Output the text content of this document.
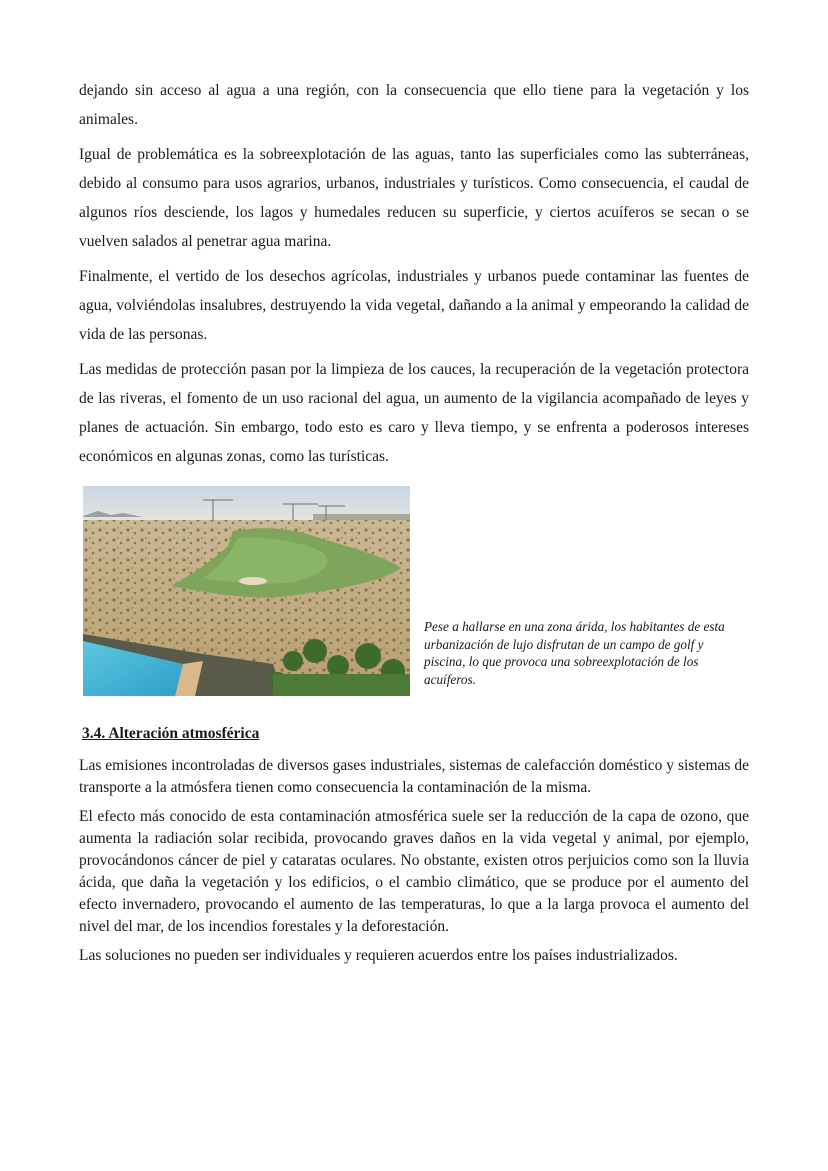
dejando sin acceso al agua a una región, con la consecuencia que ello tiene para la vegetación y los animales.

Igual de problemática es la sobreexplotación de las aguas, tanto las superficiales como las subterráneas, debido al consumo para usos agrarios, urbanos, industriales y turísticos. Como consecuencia, el caudal de algunos ríos desciende, los lagos y humedales reducen su superficie, y ciertos acuíferos se secan o se vuelven salados al penetrar agua marina.

Finalmente, el vertido de los desechos agrícolas, industriales y urbanos puede contaminar las fuentes de agua, volviéndolas insalubres, destruyendo la vida vegetal, dañando a la animal y empeorando la calidad de vida de las personas.

Las medidas de protección pasan por la limpieza de los cauces, la recuperación de la vegetación protectora de las riveras, el fomento de un uso racional del agua, un aumento de la vigilancia acompañado de leyes y planes de actuación. Sin embargo, todo esto es caro y lleva tiempo, y se enfrenta a poderosos intereses económicos en algunas zonas, como las turísticas.

Pese a hallarse en una zona árida, los habitantes de esta urbanización de lujo disfrutan de un campo de golf y piscina, lo que provoca una sobreexplotación de los acuíferos.
3.4. Alteración atmosférica

Las emisiones incontroladas de diversos gases industriales, sistemas de calefacción doméstico y sistemas de transporte a la atmósfera tienen como consecuencia la contaminación de la misma.

El efecto más conocido de esta contaminación atmosférica suele ser la reducción de la capa de ozono, que aumenta la radiación solar recibida, provocando graves daños en la vida vegetal y animal, por ejemplo, provocándonos cáncer de piel y cataratas oculares. No obstante, existen otros perjuicios como son la lluvia ácida, que daña la vegetación y los edificios, o el cambio climático, que se produce por el aumento del efecto invernadero, provocando el aumento de las temperaturas, lo que a la larga provoca el aumento del nivel del mar, de los incendios forestales y la deforestación.

Las soluciones no pueden ser individuales y requieren acuerdos entre los países industrializados.
